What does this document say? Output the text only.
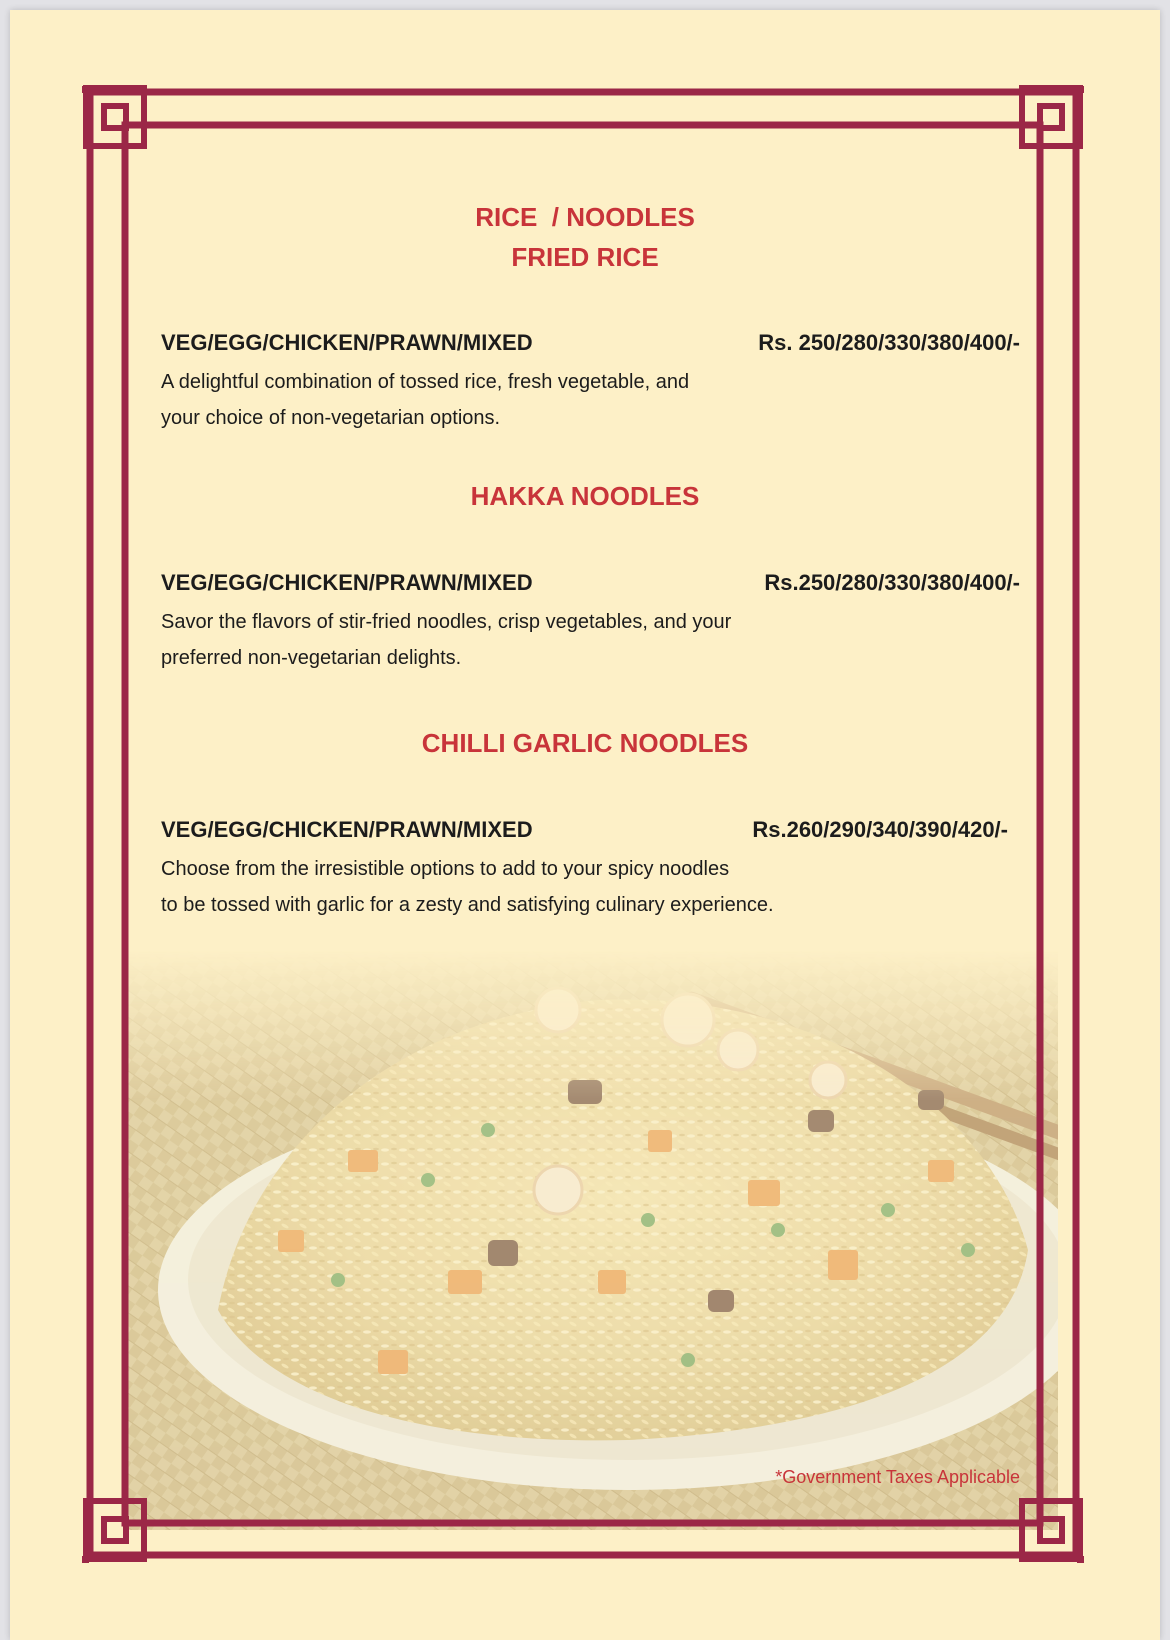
RICE  / NOODLES
FRIED RICE

VEG/EGG/CHICKEN/PRAWN/MIXED	Rs. 250/280/330/380/400/-

A delightful combination of tossed rice, fresh vegetable, and
your choice of non-vegetarian options.

HAKKA NOODLES

VEG/EGG/CHICKEN/PRAWN/MIXED	Rs.250/280/330/380/400/-

Savor the flavors of stir-fried noodles, crisp vegetables, and your
preferred non-vegetarian delights.

CHILLI GARLIC NOODLES

VEG/EGG/CHICKEN/PRAWN/MIXED	Rs.260/290/340/390/420/-

Choose from the irresistible options to add to your spicy noodles
to be tossed with garlic for a zesty and satisfying culinary experience.

*Government Taxes Applicable
